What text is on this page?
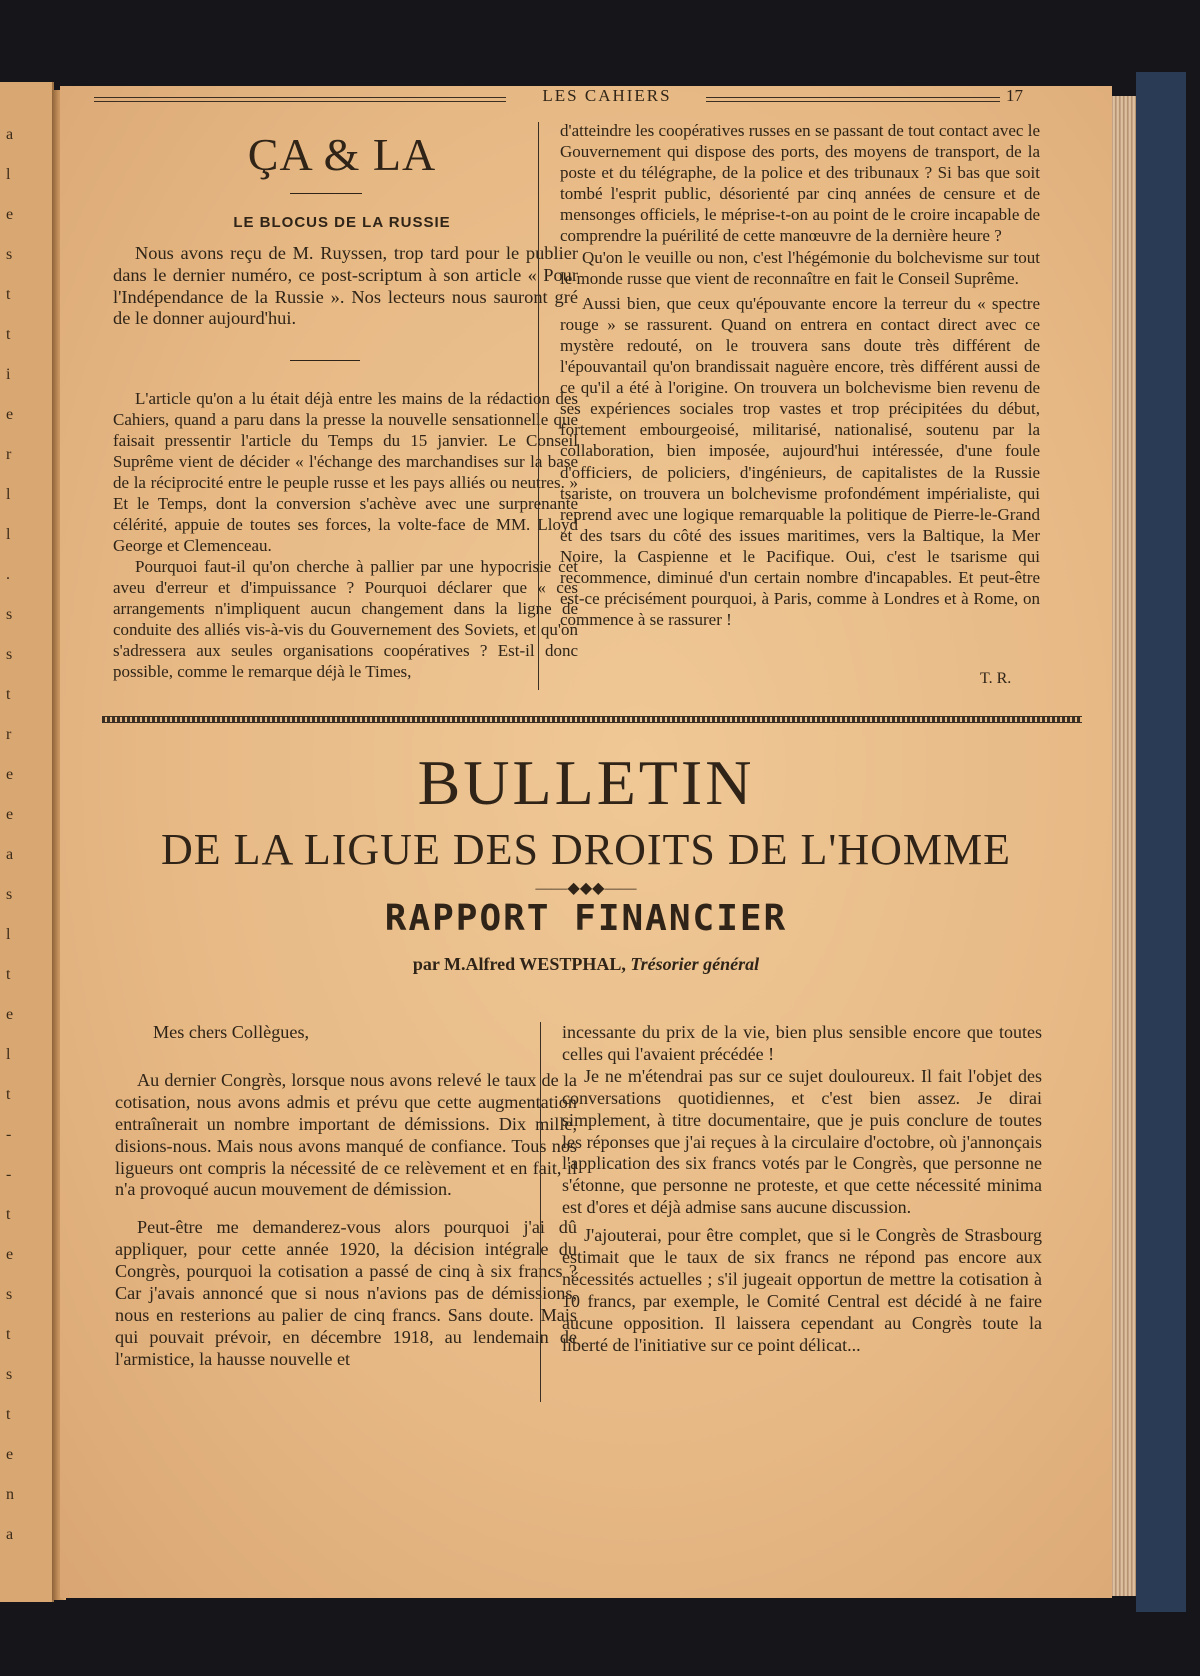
a
l
e
s
t
t
i
e
r
l
l
.
s
s
t
r
e
e
a
s
l
t
e
l
t
-
-
t
e
s
t
s
t
e
n
a
LES CAHIERS	17
ÇA & LA
LE BLOCUS DE LA RUSSIE

Nous avons reçu de M. Ruyssen, trop tard pour le publier dans le dernier numéro, ce post-scriptum à son article « Pour l'Indépendance de la Russie ». Nos lecteurs nous sauront gré de le donner aujourd'hui.

L'article qu'on a lu était déjà entre les mains de la rédaction des Cahiers, quand a paru dans la presse la nouvelle sensationnelle que faisait pressentir l'article du Temps du 15 janvier. Le Conseil Suprême vient de décider « l'échange des marchandises sur la base de la réciprocité entre le peuple russe et les pays alliés ou neutres. » Et le Temps, dont la conversion s'achève avec une surprenante célérité, appuie de toutes ses forces, la volte-face de MM. Lloyd George et Clemenceau.

Pourquoi faut-il qu'on cherche à pallier par une hypocrisie cet aveu d'erreur et d'impuissance ? Pourquoi déclarer que « ces arrangements n'impliquent aucun changement dans la ligne de conduite des alliés vis-à-vis du Gouvernement des Soviets, et qu'on s'adressera aux seules organisations coopératives ? Est-il donc possible, comme le remarque déjà le Times,

d'atteindre les coopératives russes en se passant de tout contact avec le Gouvernement qui dispose des ports, des moyens de transport, de la poste et du télégraphe, de la police et des tribunaux ? Si bas que soit tombé l'esprit public, désorienté par cinq années de censure et de mensonges officiels, le méprise-t-on au point de le croire incapable de comprendre la puérilité de cette manœuvre de la dernière heure ?

Qu'on le veuille ou non, c'est l'hégémonie du bolchevisme sur tout le monde russe que vient de reconnaître en fait le Conseil Suprême.

Aussi bien, que ceux qu'épouvante encore la terreur du « spectre rouge » se rassurent. Quand on entrera en contact direct avec ce mystère redouté, on le trouvera sans doute très différent de l'épouvantail qu'on brandissait naguère encore, très différent aussi de ce qu'il a été à l'origine. On trouvera un bolchevisme bien revenu de ses expériences sociales trop vastes et trop précipitées du début, fortement embourgeoisé, militarisé, nationalisé, soutenu par la collaboration, bien imposée, aujourd'hui intéressée, d'une foule d'officiers, de policiers, d'ingénieurs, de capitalistes de la Russie tsariste, on trouvera un bolchevisme profondément impérialiste, qui reprend avec une logique remarquable la politique de Pierre-le-Grand et des tsars du côté des issues maritimes, vers la Baltique, la Mer Noire, la Caspienne et le Pacifique. Oui, c'est le tsarisme qui recommence, diminué d'un certain nombre d'incapables. Et peut-être est-ce précisément pourquoi, à Paris, comme à Londres et à Rome, on commence à se rassurer !

T. R.
BULLETIN
DE LA LIGUE DES DROITS DE L'HOMME
——◆◆◆——
RAPPORT FINANCIER
par M.Alfred WESTPHAL, Trésorier général

Mes chers Collègues,

Au dernier Congrès, lorsque nous avons relevé le taux de la cotisation, nous avons admis et prévu que cette augmentation entraînerait un nombre important de démissions. Dix mille, disions-nous. Mais nous avons manqué de confiance. Tous nos ligueurs ont compris la nécessité de ce relèvement et en fait, il n'a provoqué aucun mouvement de démission.

Peut-être me demanderez-vous alors pourquoi j'ai dû appliquer, pour cette année 1920, la décision intégrale du Congrès, pourquoi la cotisation a passé de cinq à six francs ? Car j'avais annoncé que si nous n'avions pas de démissions, nous en resterions au palier de cinq francs. Sans doute. Mais qui pouvait prévoir, en décembre 1918, au lendemain de l'armistice, la hausse nouvelle et

incessante du prix de la vie, bien plus sensible encore que toutes celles qui l'avaient précédée !

Je ne m'étendrai pas sur ce sujet douloureux. Il fait l'objet des conversations quotidiennes, et c'est bien assez. Je dirai simplement, à titre documentaire, que je puis conclure de toutes les réponses que j'ai reçues à la circulaire d'octobre, où j'annonçais l'application des six francs votés par le Congrès, que personne ne s'étonne, que personne ne proteste, et que cette nécessité minima est d'ores et déjà admise sans aucune discussion.

J'ajouterai, pour être complet, que si le Congrès de Strasbourg estimait que le taux de six francs ne répond pas encore aux nécessités actuelles ; s'il jugeait opportun de mettre la cotisation à 10 francs, par exemple, le Comité Central est décidé à ne faire aucune opposition. Il laissera cependant au Congrès toute la liberté de l'initiative sur ce point délicat...
